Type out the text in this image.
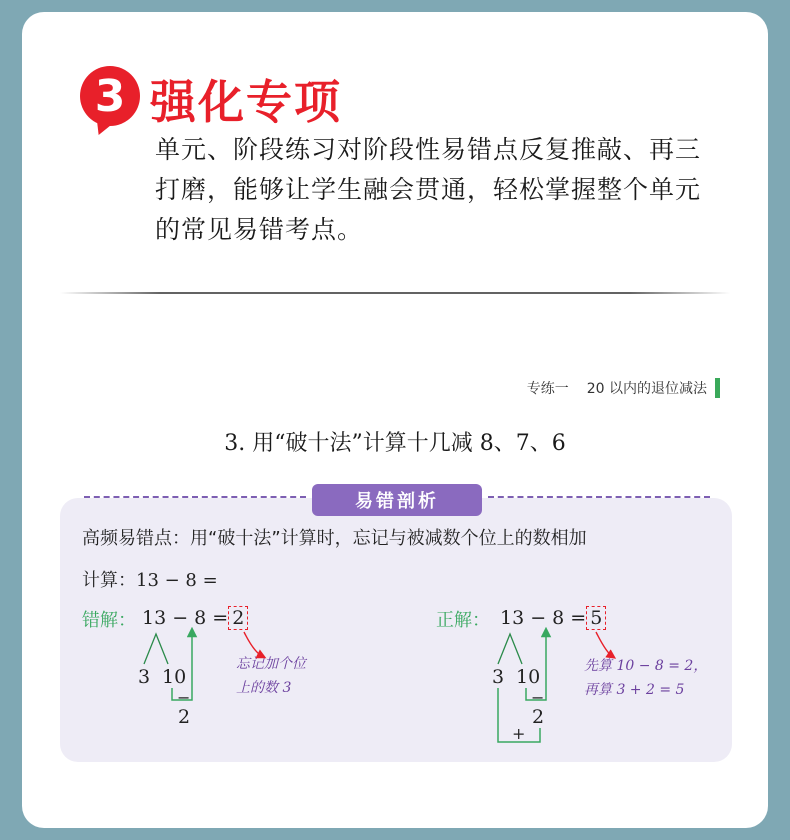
3 强化专项
单元、阶段练习对阶段性易错点反复推敲、再三打磨，能够让学生融会贯通，轻松掌握整个单元的常见易错考点。
专练一 20 以内的退位减法
3. 用“破十法”计算十几减 8、7、6
易错剖析
高频易错点：用“破十法”计算时，忘记与被减数个位上的数相加
计算：13 − 8 =
错解： 13 − 8 = 2
3 10
−
2
忘记加个位
上的数 3
正解： 13 − 8 = 5
3 10
−
2
+
先算 10 − 8 = 2，
再算 3 + 2 = 5
